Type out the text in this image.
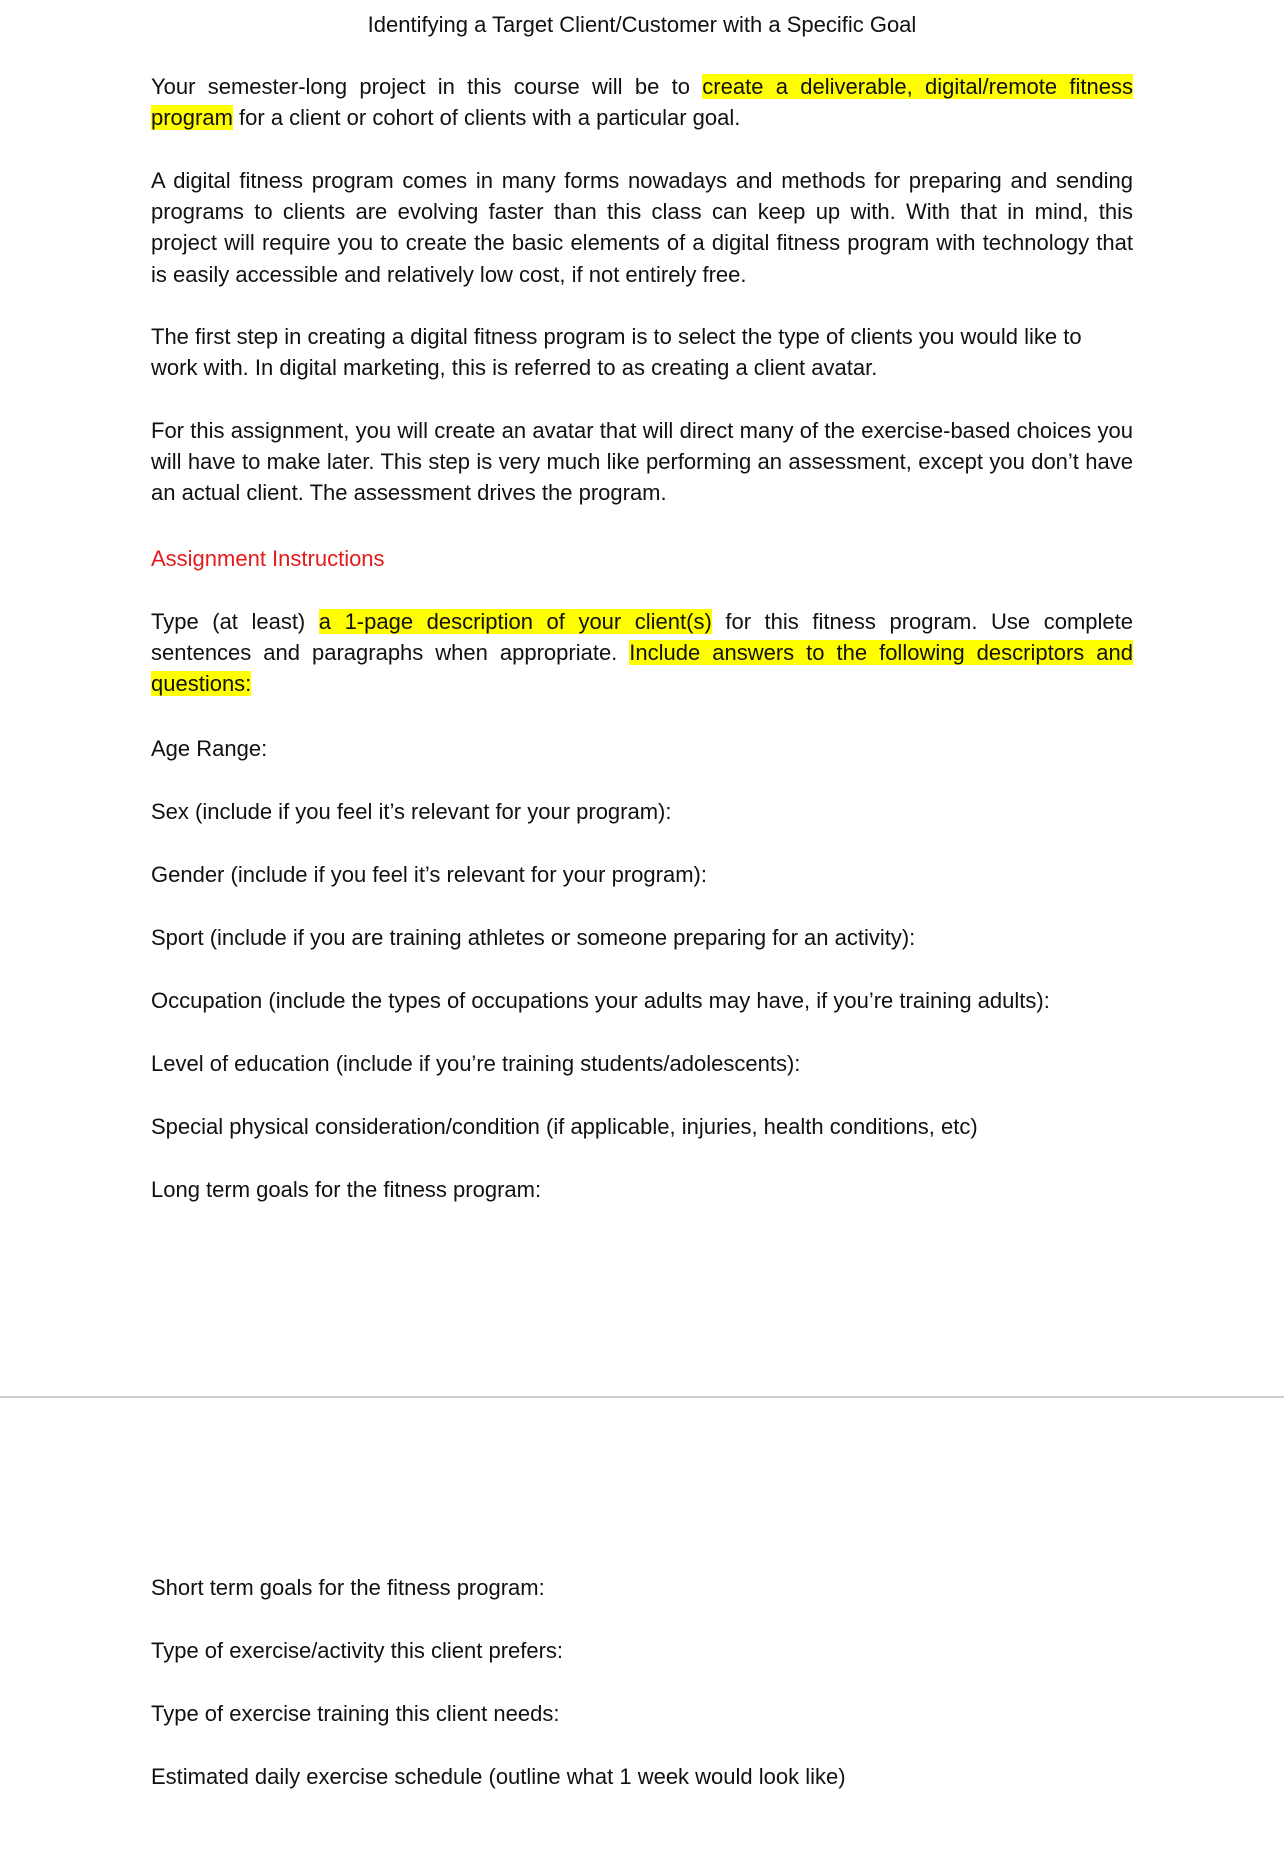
Identifying a Target Client/Customer with a Specific Goal

Your semester-long project in this course will be to create a deliverable, digital/remote fitness program for a client or cohort of clients with a particular goal.

A digital fitness program comes in many forms nowadays and methods for preparing and sending programs to clients are evolving faster than this class can keep up with. With that in mind, this project will require you to create the basic elements of a digital fitness program with technology that is easily accessible and relatively low cost, if not entirely free.

The first step in creating a digital fitness program is to select the type of clients you would like to work with. In digital marketing, this is referred to as creating a client avatar.

For this assignment, you will create an avatar that will direct many of the exercise-based choices you will have to make later. This step is very much like performing an assessment, except you don’t have an actual client. The assessment drives the program.

Assignment Instructions

Type (at least) a 1-page description of your client(s) for this fitness program. Use complete sentences and paragraphs when appropriate. Include answers to the following descriptors and questions:

Age Range:

Sex (include if you feel it’s relevant for your program):

Gender (include if you feel it’s relevant for your program):

Sport (include if you are training athletes or someone preparing for an activity):

Occupation (include the types of occupations your adults may have, if you’re training adults):

Level of education (include if you’re training students/adolescents):

Special physical consideration/condition (if applicable, injuries, health conditions, etc)

Long term goals for the fitness program:

Short term goals for the fitness program:

Type of exercise/activity this client prefers:

Type of exercise training this client needs:

Estimated daily exercise schedule (outline what 1 week would look like)
